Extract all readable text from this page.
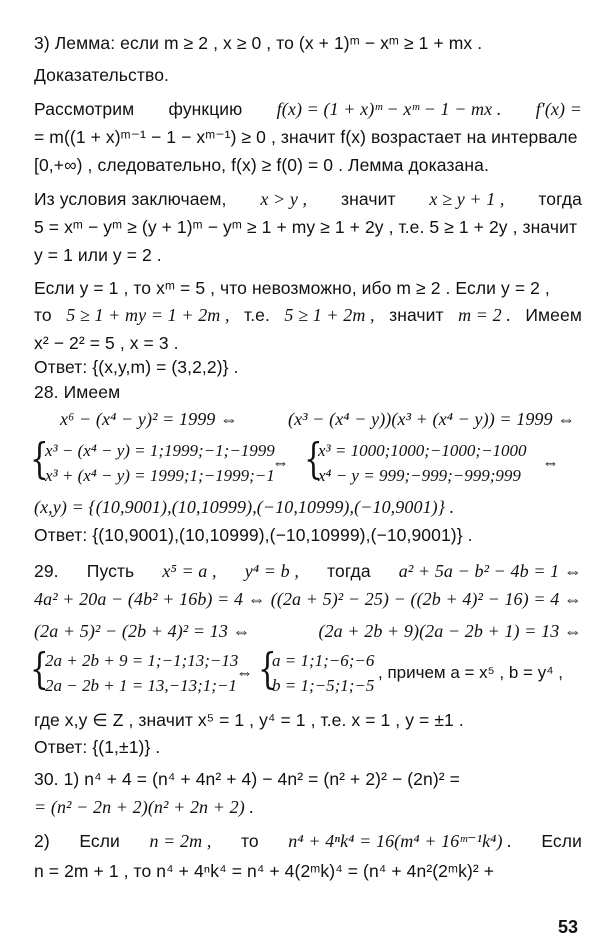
3) Лемма: если m ≥ 2 , x ≥ 0 , то (x + 1)ᵐ − xᵐ ≥ 1 + mx .
Доказательство.
Рассмотрим функцию f(x) = (1 + x)ᵐ − xᵐ − 1 − mx . f′(x) =
= m((1 + x)ᵐ⁻¹ − 1 − xᵐ⁻¹) ≥ 0 , значит f(x) возрастает на интервале
[0,+∞) , следовательно, f(x) ≥ f(0) = 0 . Лемма доказана.
Из условия заключаем, x > y , значит x ≥ y + 1 , тогда
5 = xᵐ − yᵐ ≥ (y + 1)ᵐ − yᵐ ≥ 1 + my ≥ 1 + 2y , т.е. 5 ≥ 1 + 2y , значит
y = 1 или y = 2 .
Если y = 1 , то xᵐ = 5 , что невозможно, ибо m ≥ 2 . Если y = 2 ,
то 5 ≥ 1 + my = 1 + 2m , т.е. 5 ≥ 1 + 2m , значит m = 2 . Имеем
x² − 2² = 5 , x = 3 .
Ответ: {(x,y,m) = (3,2,2)} .
28. Имеем
x⁶ − (x⁴ − y)² = 1999 ⇔	(x³ − (x⁴ − y))(x³ + (x⁴ − y)) = 1999 ⇔
{
x³ − (x⁴ − y) = 1;1999;−1;−1999
x³ + (x⁴ − y) = 1999;1;−1999;−1
⇔ {
x³ = 1000;1000;−1000;−1000
x⁴ − y = 999;−999;−999;999
⇔
(x,y) = {(10,9001),(10,10999),(−10,10999),(−10,9001)} .
Ответ: {(10,9001),(10,10999),(−10,10999),(−10,9001)} .
29. Пусть x⁵ = a , y⁴ = b , тогда a² + 5a − b² − 4b = 1 ⇔
4a² + 20a − (4b² + 16b) = 4 ⇔ ((2a + 5)² − 25) − ((2b + 4)² − 16) = 4 ⇔
(2a + 5)² − (2b + 4)² = 13 ⇔	(2a + 2b + 9)(2a − 2b + 1) = 13 ⇔
{
2a + 2b + 9 = 1;−1;13;−13
2a − 2b + 1 = 13,−13;1;−1
⇔ {
a = 1;1;−6;−6
b = 1;−5;1;−5
, причем a = x⁵ , b = y⁴ ,
где x,y ∈ Z , значит x⁵ = 1 , y⁴ = 1 , т.е. x = 1 , y = ±1 .
Ответ: {(1,±1)} .
30. 1) n⁴ + 4 = (n⁴ + 4n² + 4) − 4n² = (n² + 2)² − (2n)² =
= (n² − 2n + 2)(n² + 2n + 2) .
2) Если n = 2m , то n⁴ + 4ⁿk⁴ = 16(m⁴ + 16ᵐ⁻¹k⁴) . Если
n = 2m + 1 , то n⁴ + 4ⁿk⁴ = n⁴ + 4(2ᵐk)⁴ = (n⁴ + 4n²(2ᵐk)² +
53
